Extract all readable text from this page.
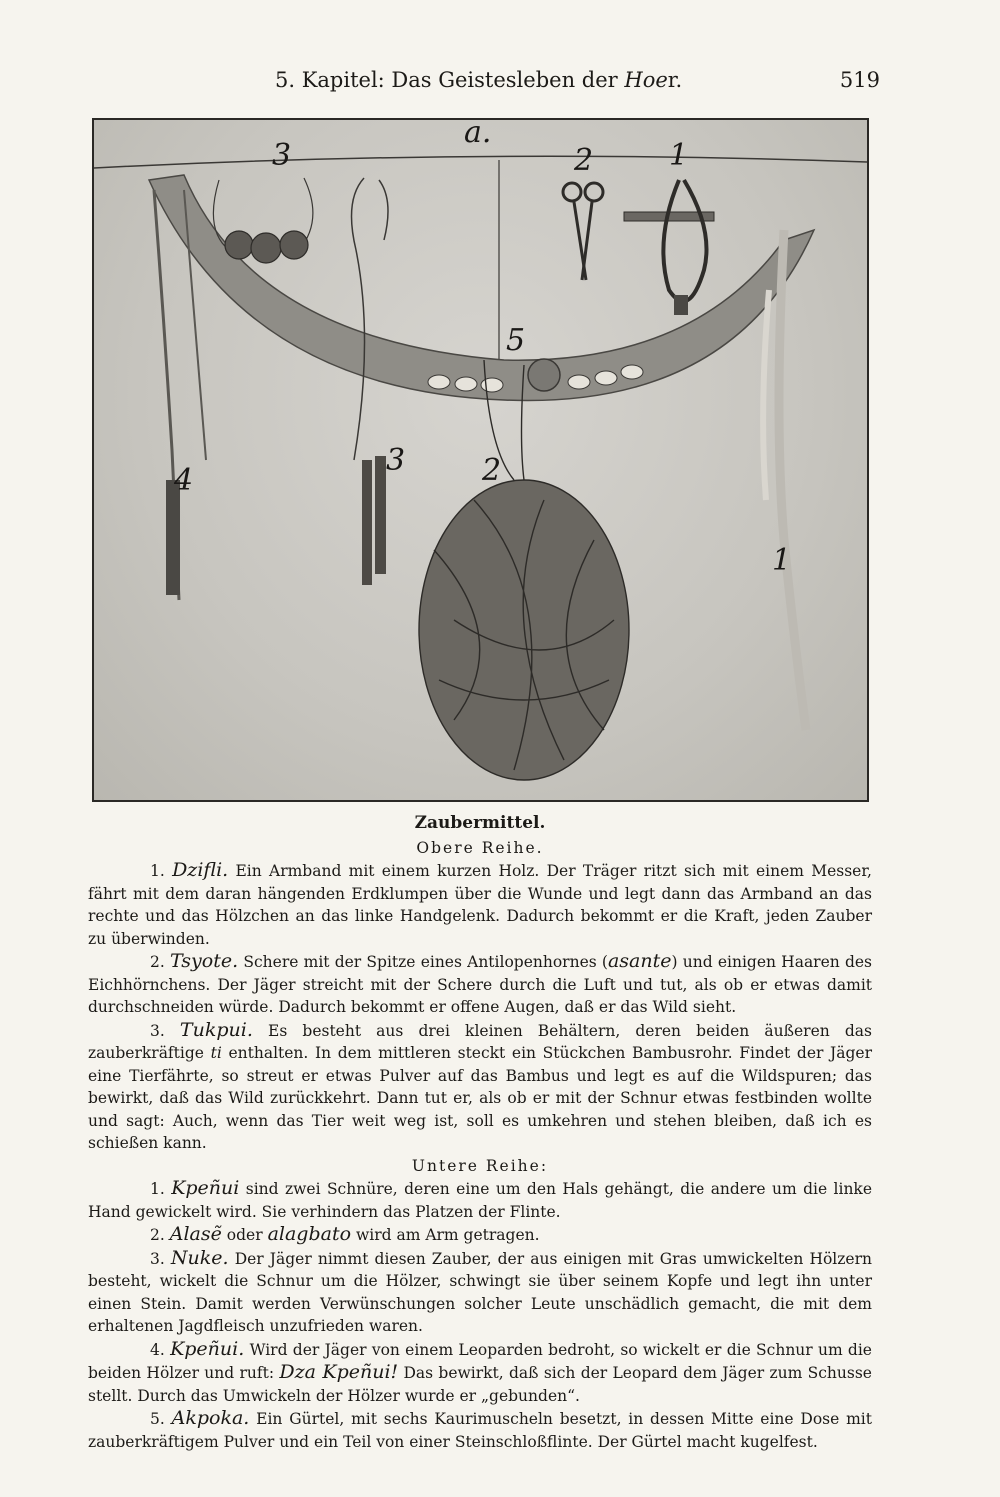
5. Kapitel: Das Geistesleben der Hoer.	519
a.
3	2	1
5
3	2
4
1

Zaubermittel.

Obere Reihe.

1. Dzifli. Ein Armband mit einem kurzen Holz. Der Träger ritzt sich mit einem Messer, fährt mit dem daran hängenden Erdklumpen über die Wunde und legt dann das Armband an das rechte und das Hölzchen an das linke Handgelenk. Dadurch bekommt er die Kraft, jeden Zauber zu überwinden.

2. Tsyote. Schere mit der Spitze eines Antilopenhornes (asante) und einigen Haaren des Eichhörnchens. Der Jäger streicht mit der Schere durch die Luft und tut, als ob er etwas damit durchschneiden würde. Dadurch bekommt er offene Augen, daß er das Wild sieht.

3. Tukpui. Es besteht aus drei kleinen Behältern, deren beiden äußeren das zauberkräftige ti enthalten. In dem mittleren steckt ein Stückchen Bambusrohr. Findet der Jäger eine Tierfährte, so streut er etwas Pulver auf das Bambus und legt es auf die Wildspuren; das bewirkt, daß das Wild zurückkehrt. Dann tut er, als ob er mit der Schnur etwas festbinden wollte und sagt: Auch, wenn das Tier weit weg ist, soll es umkehren und stehen bleiben, daß ich es schießen kann.

Untere Reihe:

1. Kpeñui sind zwei Schnüre, deren eine um den Hals gehängt, die andere um die linke Hand gewickelt wird. Sie verhindern das Platzen der Flinte.

2. Alasẽ oder alagbato wird am Arm getragen.

3. Nuke. Der Jäger nimmt diesen Zauber, der aus einigen mit Gras umwickelten Hölzern besteht, wickelt die Schnur um die Hölzer, schwingt sie über seinem Kopfe und legt ihn unter einen Stein. Damit werden Verwünschungen solcher Leute unschädlich gemacht, die mit dem erhaltenen Jagdfleisch unzufrieden waren.

4. Kpeñui. Wird der Jäger von einem Leoparden bedroht, so wickelt er die Schnur um die beiden Hölzer und ruft: Dza Kpeñui! Das bewirkt, daß sich der Leopard dem Jäger zum Schusse stellt. Durch das Umwickeln der Hölzer wurde er „gebunden“.

5. Akpoka. Ein Gürtel, mit sechs Kaurimuscheln besetzt, in dessen Mitte eine Dose mit zauberkräftigem Pulver und ein Teil von einer Steinschloßflinte. Der Gürtel macht kugelfest.
